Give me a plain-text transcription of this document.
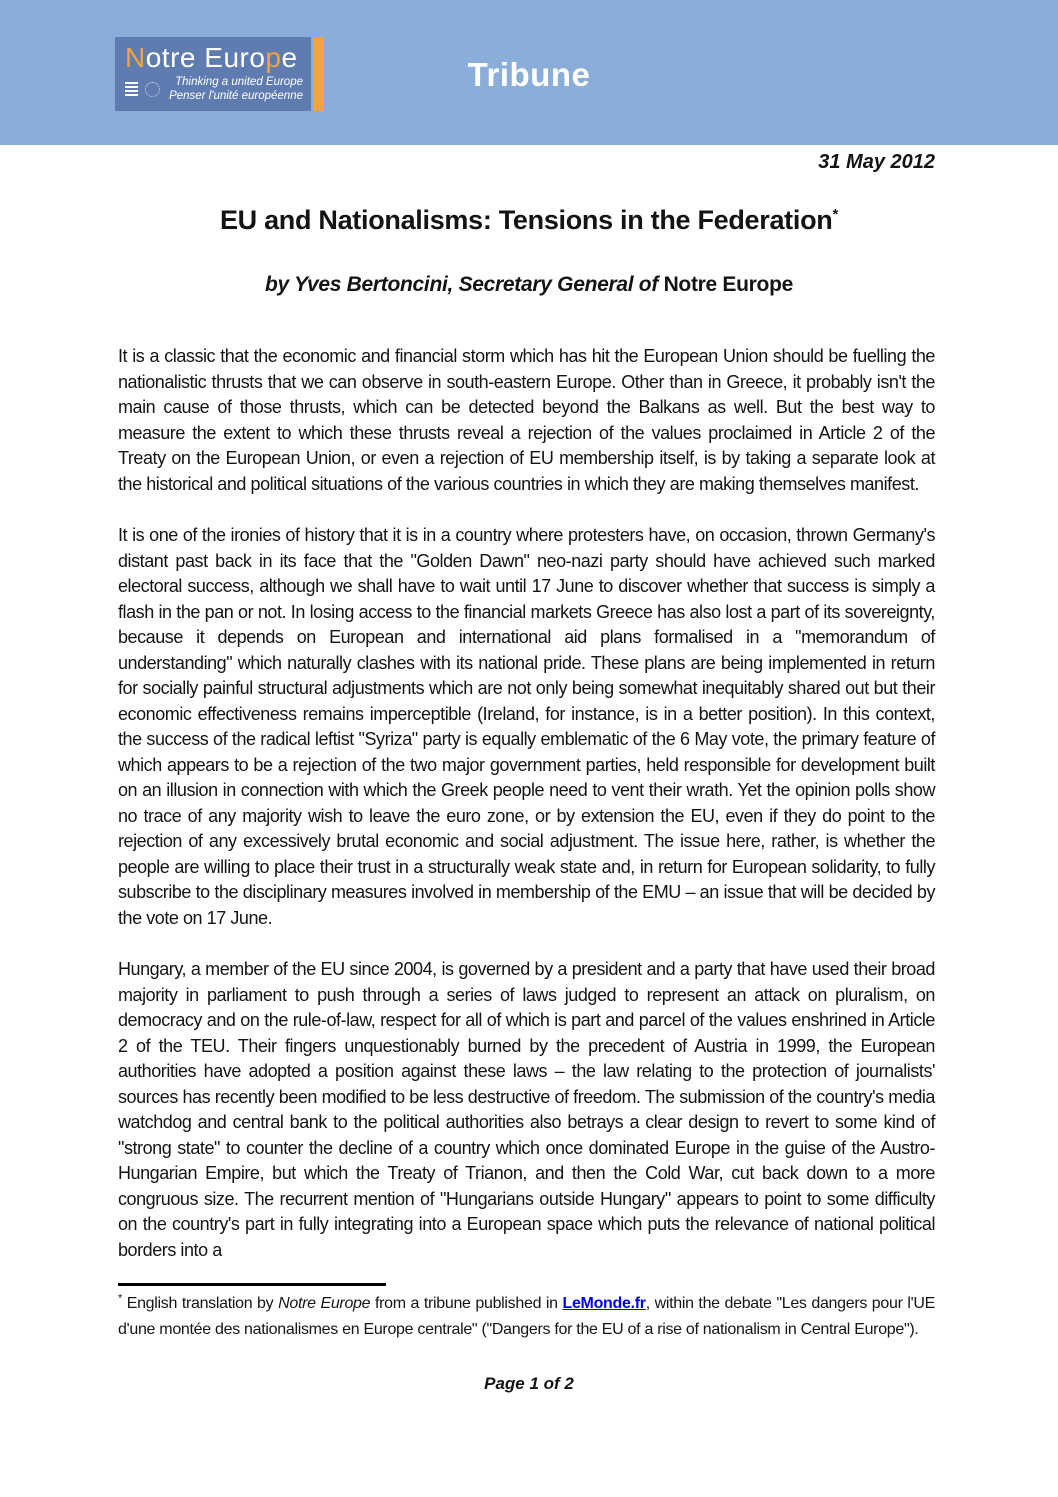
Notre Europe
Thinking a united Europe
Penser l'unité européenne
Tribune
31 May 2012
EU and Nationalisms: Tensions in the Federation*
by Yves Bertoncini, Secretary General of Notre Europe

It is a classic that the economic and financial storm which has hit the European Union should be fuelling the nationalistic thrusts that we can observe in south-eastern Europe. Other than in Greece, it probably isn't the main cause of those thrusts, which can be detected beyond the Balkans as well. But the best way to measure the extent to which these thrusts reveal a rejection of the values proclaimed in Article 2 of the Treaty on the European Union, or even a rejection of EU membership itself, is by taking a separate look at the historical and political situations of the various countries in which they are making themselves manifest.

It is one of the ironies of history that it is in a country where protesters have, on occasion, thrown Germany's distant past back in its face that the "Golden Dawn" neo-nazi party should have achieved such marked electoral success, although we shall have to wait until 17 June to discover whether that success is simply a flash in the pan or not. In losing access to the financial markets Greece has also lost a part of its sovereignty, because it depends on European and international aid plans formalised in a "memorandum of understanding" which naturally clashes with its national pride. These plans are being implemented in return for socially painful structural adjustments which are not only being somewhat inequitably shared out but their economic effectiveness remains imperceptible (Ireland, for instance, is in a better position). In this context, the success of the radical leftist "Syriza" party is equally emblematic of the 6 May vote, the primary feature of which appears to be a rejection of the two major government parties, held responsible for development built on an illusion in connection with which the Greek people need to vent their wrath. Yet the opinion polls show no trace of any majority wish to leave the euro zone, or by extension the EU, even if they do point to the rejection of any excessively brutal economic and social adjustment. The issue here, rather, is whether the people are willing to place their trust in a structurally weak state and, in return for European solidarity, to fully subscribe to the disciplinary measures involved in membership of the EMU – an issue that will be decided by the vote on 17 June.

Hungary, a member of the EU since 2004, is governed by a president and a party that have used their broad majority in parliament to push through a series of laws judged to represent an attack on pluralism, on democracy and on the rule-of-law, respect for all of which is part and parcel of the values enshrined in Article 2 of the TEU. Their fingers unquestionably burned by the precedent of Austria in 1999, the European authorities have adopted a position against these laws – the law relating to the protection of journalists' sources has recently been modified to be less destructive of freedom. The submission of the country's media watchdog and central bank to the political authorities also betrays a clear design to revert to some kind of "strong state" to counter the decline of a country which once dominated Europe in the guise of the Austro-Hungarian Empire, but which the Treaty of Trianon, and then the Cold War, cut back down to a more congruous size. The recurrent mention of "Hungarians outside Hungary" appears to point to some difficulty on the country's part in fully integrating into a European space which puts the relevance of national political borders into a

* English translation by Notre Europe from a tribune published in LeMonde.fr, within the debate "Les dangers pour l'UE d'une montée des nationalismes en Europe centrale" ("Dangers for the EU of a rise of nationalism in Central Europe").

Page 1 of 2
